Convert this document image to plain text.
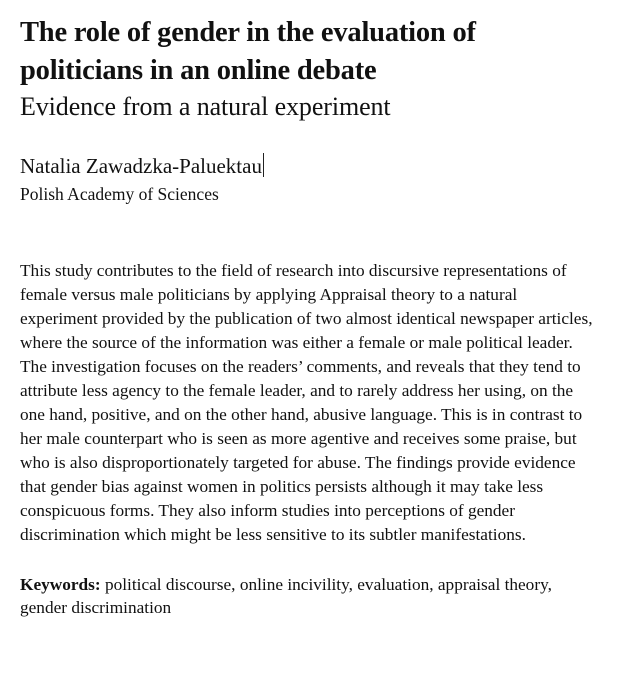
The role of gender in the evaluation of politicians in an online debate
Evidence from a natural experiment
Natalia Zawadzka-Paluektau
Polish Academy of Sciences

This study contributes to the field of research into discursive representations of female versus male politicians by applying Appraisal theory to a natural experiment provided by the publication of two almost identical newspaper articles, where the source of the information was either a female or male political leader. The investigation focuses on the readers’ comments, and reveals that they tend to attribute less agency to the female leader, and to rarely address her using, on the one hand, positive, and on the other hand, abusive language. This is in contrast to her male counterpart who is seen as more agentive and receives some praise, but who is also disproportionately targeted for abuse. The findings provide evidence that gender bias against women in politics persists although it may take less conspicuous forms. They also inform studies into perceptions of gender discrimination which might be less sensitive to its subtler manifestations.

Keywords: political discourse, online incivility, evaluation, appraisal theory, gender discrimination
